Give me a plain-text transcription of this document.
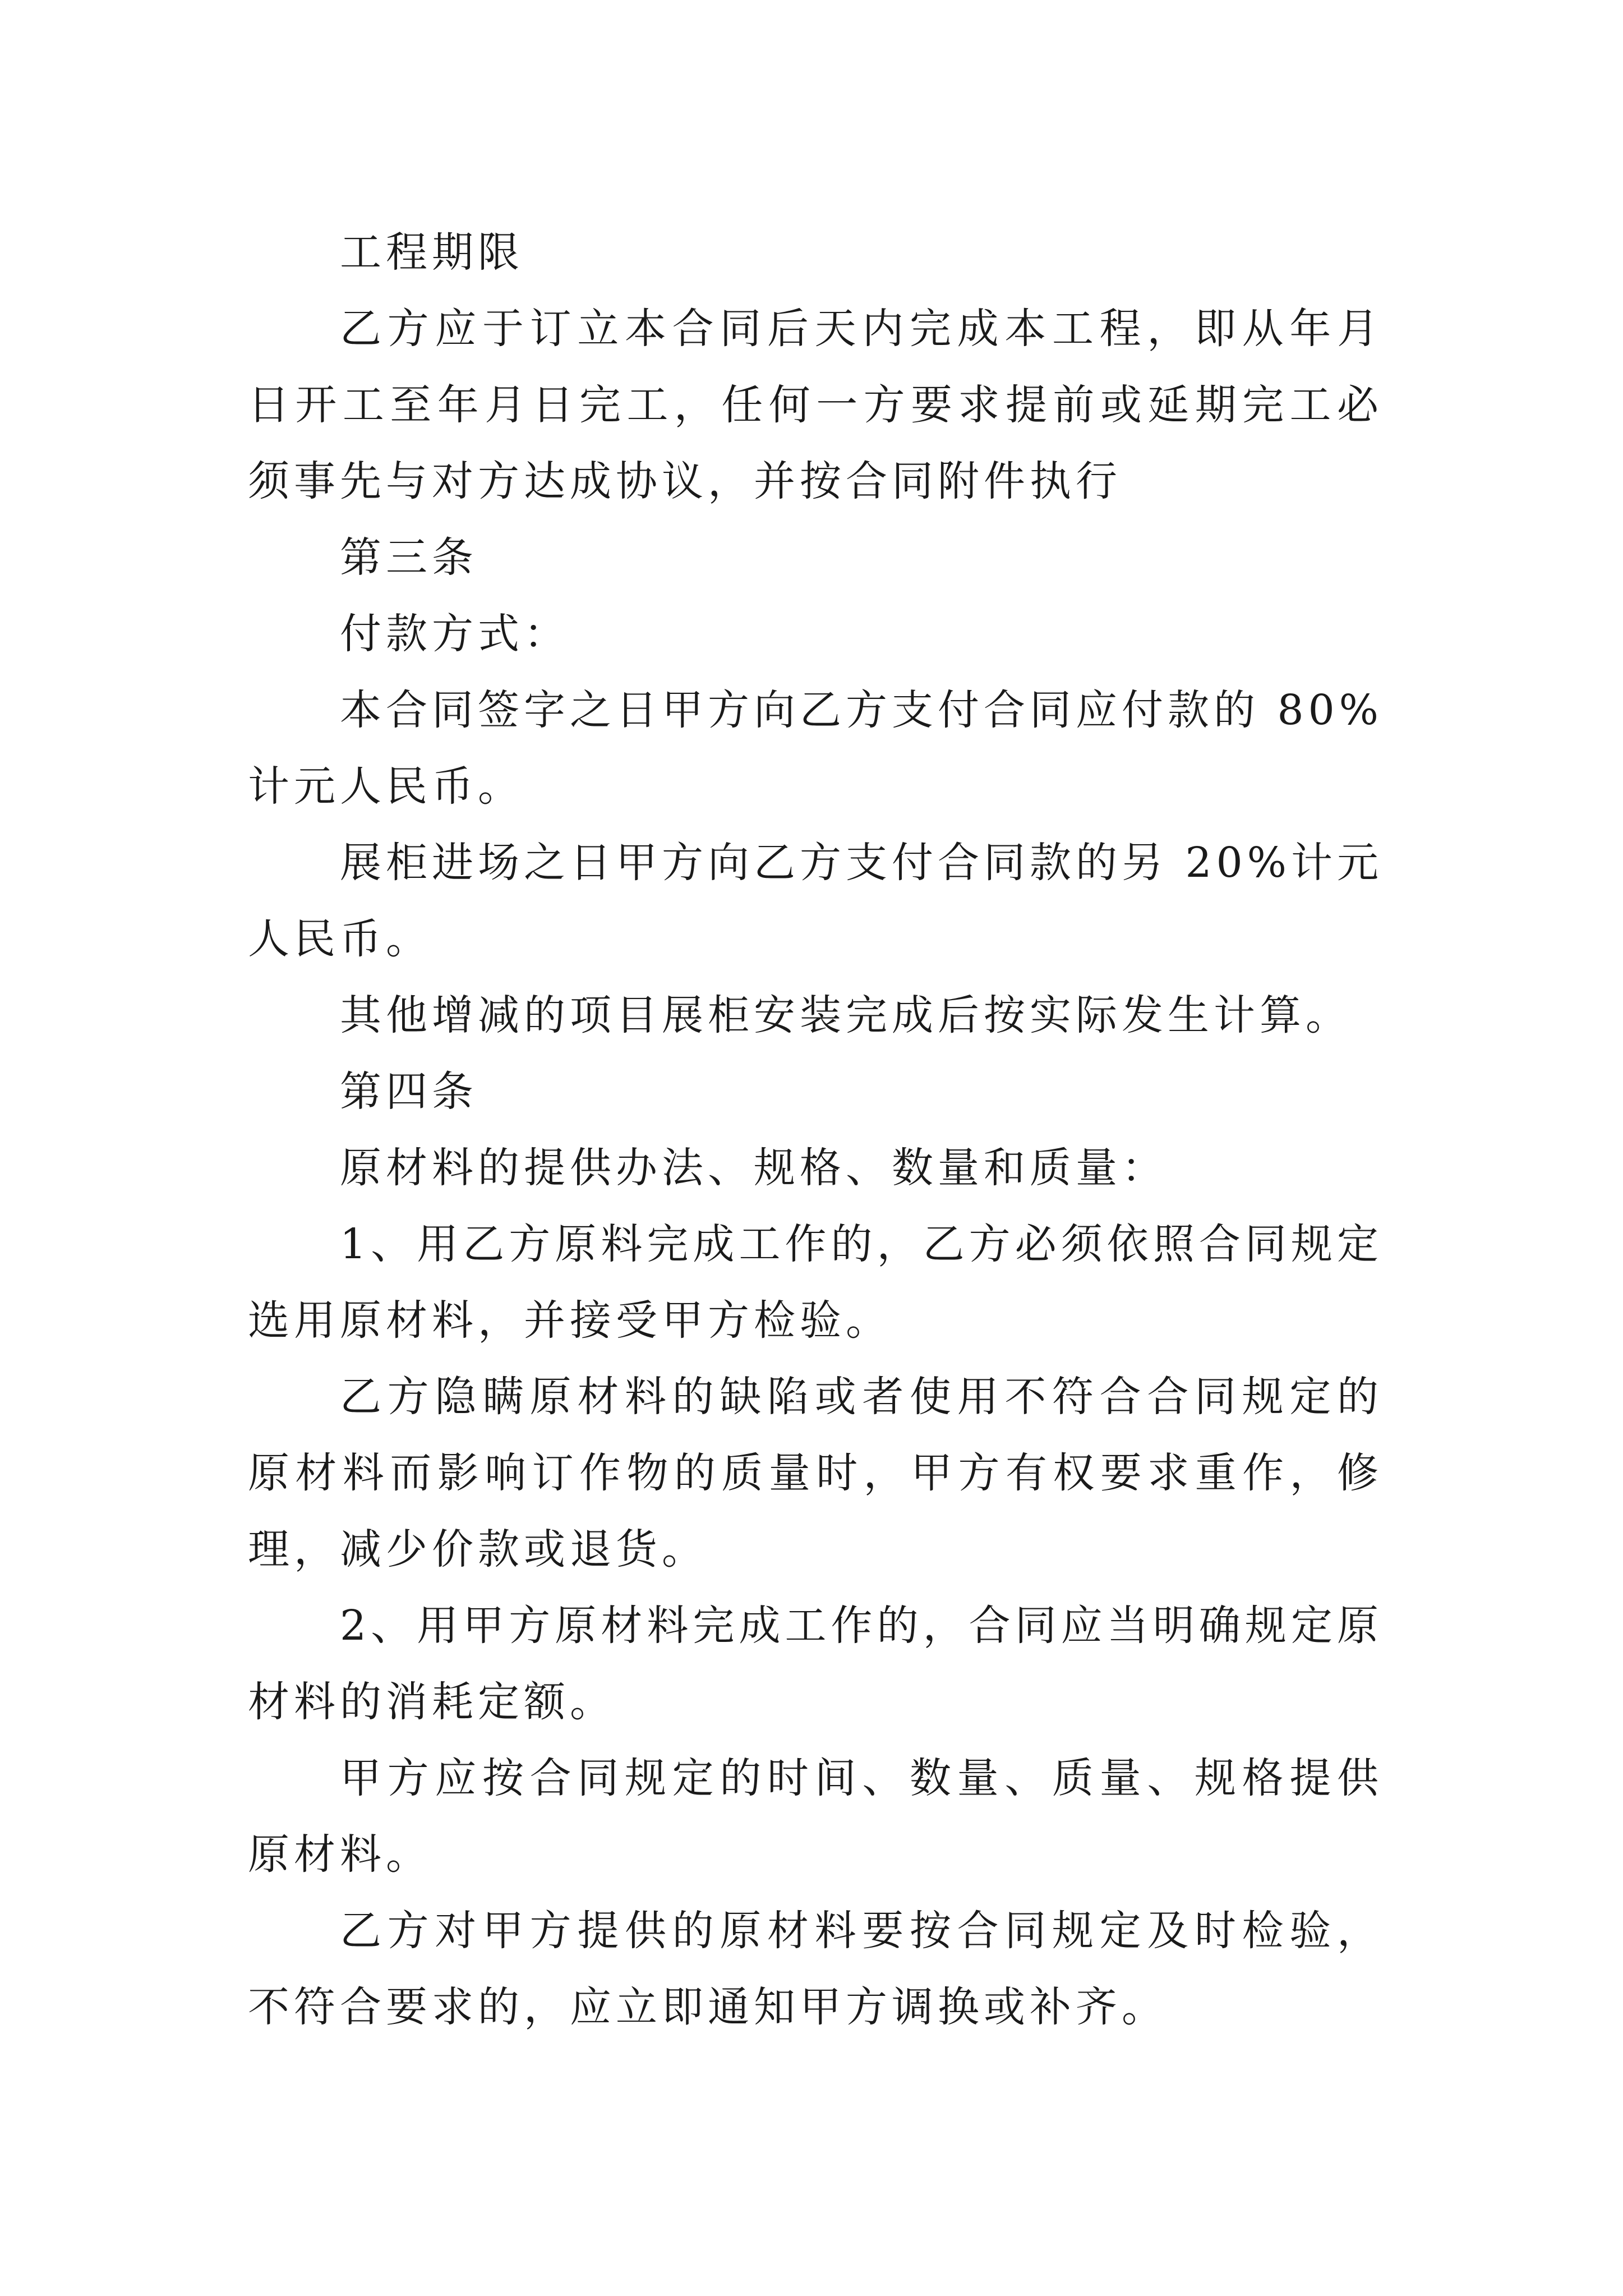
工程期限

乙方应于订立本合同后天内完成本工程，即从年月日开工至年月日完工，任何一方要求提前或延期完工必须事先与对方达成协议，并按合同附件执行

第三条

付款方式：

本合同签字之日甲方向乙方支付合同应付款的 80%计元人民币。

展柜进场之日甲方向乙方支付合同款的另 20%计元人民币。

其他增减的项目展柜安装完成后按实际发生计算。

第四条

原材料的提供办法、规格、数量和质量：

1、用乙方原料完成工作的，乙方必须依照合同规定选用原材料，并接受甲方检验。

乙方隐瞒原材料的缺陷或者使用不符合合同规定的原材料而影响订作物的质量时，甲方有权要求重作，修理，减少价款或退货。

2、用甲方原材料完成工作的，合同应当明确规定原材料的消耗定额。

甲方应按合同规定的时间、数量、质量、规格提供原材料。

乙方对甲方提供的原材料要按合同规定及时检验，不符合要求的，应立即通知甲方调换或补齐。
